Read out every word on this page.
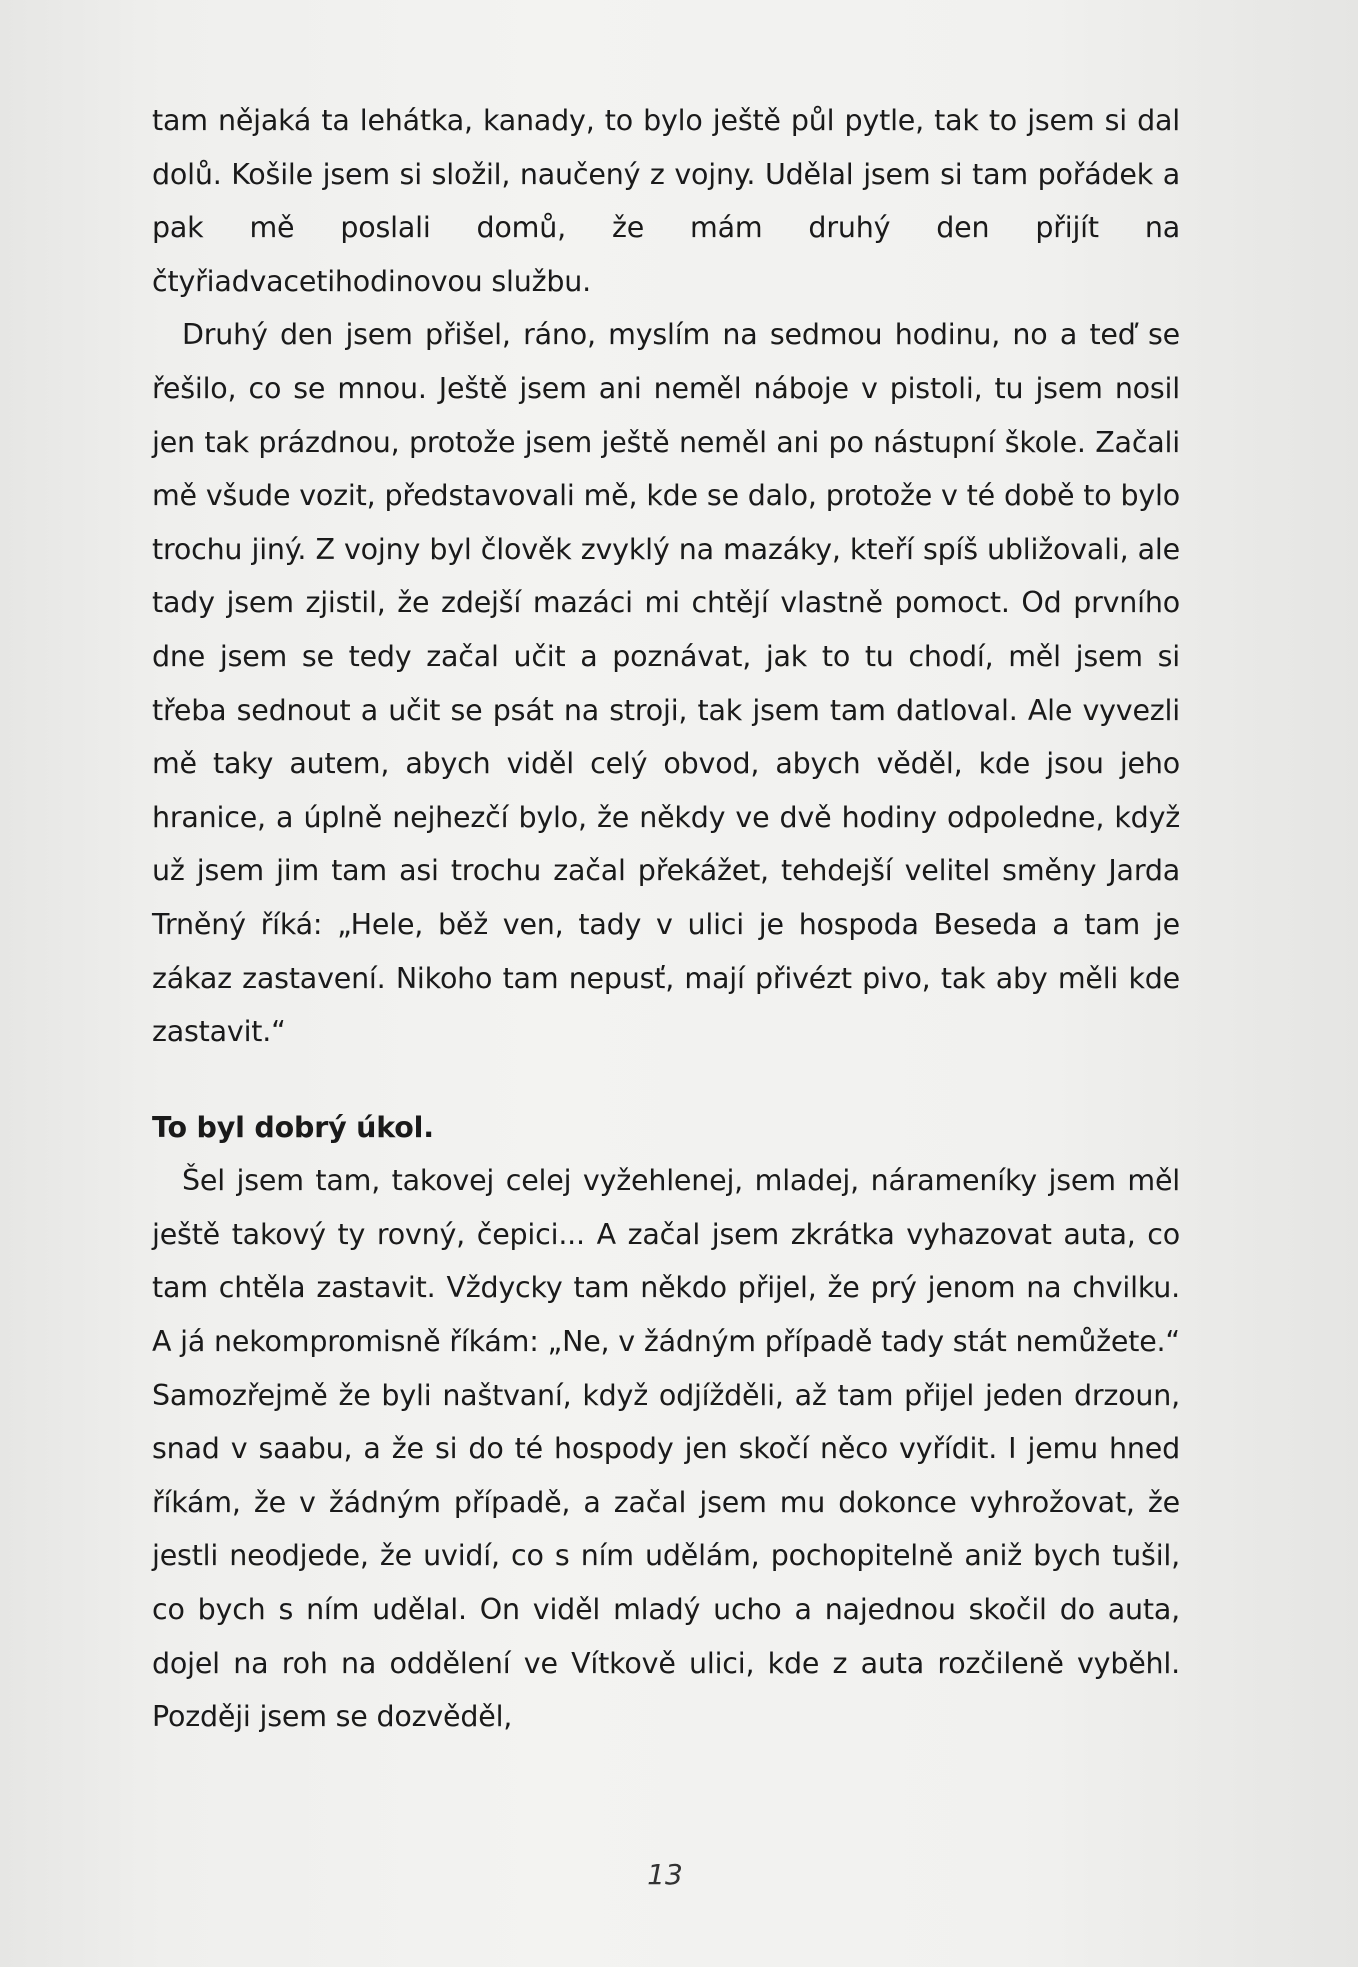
tam nějaká ta lehátka, kanady, to bylo ještě půl pytle, tak to jsem si dal dolů. Košile jsem si složil, naučený z vojny. Udělal jsem si tam pořádek a pak mě poslali domů, že mám druhý den přijít na čtyřiadvacetihodinovou službu.

Druhý den jsem přišel, ráno, myslím na sedmou hodinu, no a teď se řešilo, co se mnou. Ještě jsem ani neměl náboje v pistoli, tu jsem nosil jen tak prázdnou, protože jsem ještě neměl ani po nástupní škole. Začali mě všude vozit, představovali mě, kde se dalo, protože v té době to bylo trochu jiný. Z vojny byl člověk zvyklý na mazáky, kteří spíš ubližovali, ale tady jsem zjistil, že zdejší mazáci mi chtějí vlastně pomoct. Od prvního dne jsem se tedy začal učit a poznávat, jak to tu chodí, měl jsem si třeba sednout a učit se psát na stroji, tak jsem tam datloval. Ale vyvezli mě taky autem, abych viděl celý obvod, abych věděl, kde jsou jeho hranice, a úplně nejhezčí bylo, že někdy ve dvě hodiny odpoledne, když už jsem jim tam asi trochu začal překážet, tehdejší velitel směny Jarda Trněný říká: „Hele, běž ven, tady v ulici je hospoda Beseda a tam je zákaz zastavení. Nikoho tam nepusť, mají přivézt pivo, tak aby měli kde zastavit.“

To byl dobrý úkol.

Šel jsem tam, takovej celej vyžehlenej, mladej, nárameníky jsem měl ještě takový ty rovný, čepici... A začal jsem zkrátka vyhazovat auta, co tam chtěla zastavit. Vždycky tam někdo přijel, že prý jenom na chvilku. A já nekompromisně říkám: „Ne, v žádným případě tady stát nemůžete.“ Samozřejmě že byli naštvaní, když odjížděli, až tam přijel jeden drzoun, snad v saabu, a že si do té hospody jen skočí něco vyřídit. I jemu hned říkám, že v žádným případě, a začal jsem mu dokonce vyhrožovat, že jestli neodjede, že uvidí, co s ním udělám, pochopitelně aniž bych tušil, co bych s ním udělal. On viděl mladý ucho a najednou skočil do auta, dojel na roh na oddělení ve Vítkově ulici, kde z auta rozčileně vyběhl. Později jsem se dozvěděl,

13
